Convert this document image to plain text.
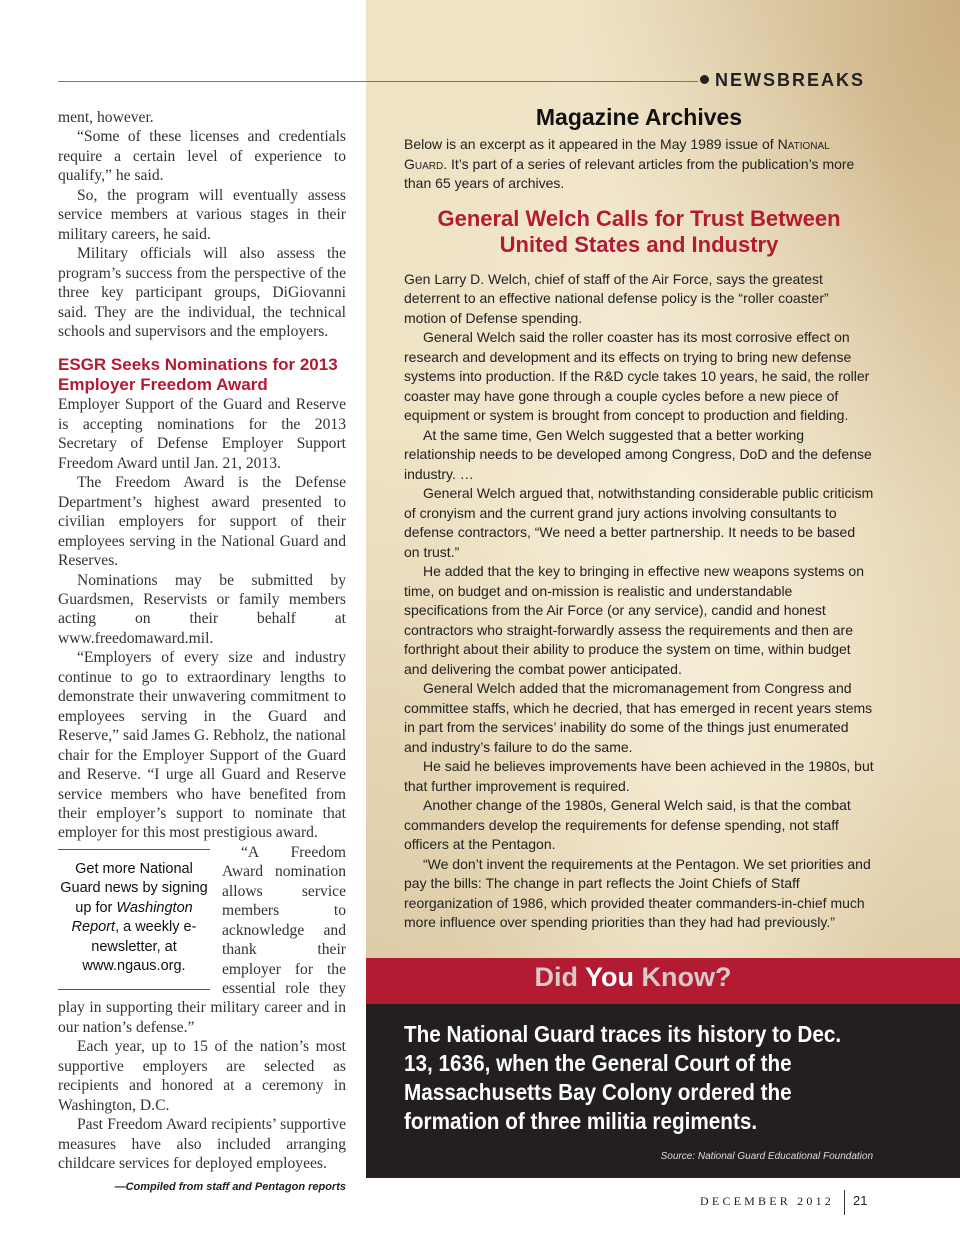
NEWSBREAKS

ment, however.

“Some of these licenses and credentials require a certain level of experience to qualify,” he said.

So, the program will eventually assess service members at various stages in their military careers, he said.

Military officials will also assess the program’s success from the perspective of the three key participant groups, DiGiovanni said. They are the individual, the technical schools and supervisors and the employers.

ESGR Seeks Nominations for 2013 Employer Freedom Award

Employer Support of the Guard and Reserve is accepting nominations for the 2013 Secretary of Defense Employer Support Freedom Award until Jan. 21, 2013.

The Freedom Award is the Defense Department’s highest award presented to civilian employers for support of their employees serving in the National Guard and Reserves.

Nominations may be submitted by Guardsmen, Reservists or family members acting on their behalf at www.freedomaward.mil.

“Employers of every size and industry continue to go to extraordinary lengths to demonstrate their unwavering commitment to employees serving in the Guard and Reserve,” said James G. Rebholz, the national chair for the Employer Support of the Guard and Reserve. “I urge all Guard and Reserve service members who have benefited from their employer’s support to nominate that employer for this most prestigious award.

Get more National Guard news by signing up for Washington Report, a weekly e-newsletter, at www.ngaus.org.

“A Freedom Award nomination allows service members to acknowledge and thank their employer for the essential role they play in supporting their military career and in our nation’s defense.”

Each year, up to 15 of the nation’s most supportive employers are selected as recipients and honored at a ceremony in Washington, D.C.

Past Freedom Award recipients’ supportive measures have also included arranging childcare services for deployed employees.

—Compiled from staff and Pentagon reports
Magazine Archives

Below is an excerpt as it appeared in the May 1989 issue of National Guard. It’s part of a series of relevant articles from the publication’s more than 65 years of archives.

General Welch Calls for Trust Between United States and Industry

Gen Larry D. Welch, chief of staff of the Air Force, says the greatest deterrent to an effective national defense policy is the “roller coaster” motion of Defense spending.

General Welch said the roller coaster has its most corrosive effect on research and development and its effects on trying to bring new defense systems into production. If the R&D cycle takes 10 years, he said, the roller coaster may have gone through a couple cycles before a new piece of equipment or system is brought from concept to production and fielding.

At the same time, Gen Welch suggested that a better working relationship needs to be developed among Congress, DoD and the defense industry. …

General Welch argued that, notwithstanding considerable public criticism of cronyism and the current grand jury actions involving consultants to defense contractors, “We need a better partnership. It needs to be based on trust.”

He added that the key to bringing in effective new weapons systems on time, on budget and on-mission is realistic and understandable specifications from the Air Force (or any service), candid and honest contractors who straight-forwardly assess the requirements and then are forthright about their ability to produce the system on time, within budget and delivering the combat power anticipated.

General Welch added that the micromanagement from Congress and committee staffs, which he decried, that has emerged in recent years stems in part from the services’ inability do some of the things just enumerated and industry’s failure to do the same.

He said he believes improvements have been achieved in the 1980s, but that further improvement is required.

Another change of the 1980s, General Welch said, is that the combat commanders develop the requirements for defense spending, not staff officers at the Pentagon.

“We don’t invent the requirements at the Pentagon. We set priorities and pay the bills: The change in part reflects the Joint Chiefs of Staff reorganization of 1986, which provided theater commanders-in-chief much more influence over spending priorities than they had had previously.”

Did You Know?
The National Guard traces its history to Dec. 13, 1636, when the General Court of the Massachusetts Bay Colony ordered the formation of three militia regiments.
Source: National Guard Educational Foundation
DECEMBER 2012 21
